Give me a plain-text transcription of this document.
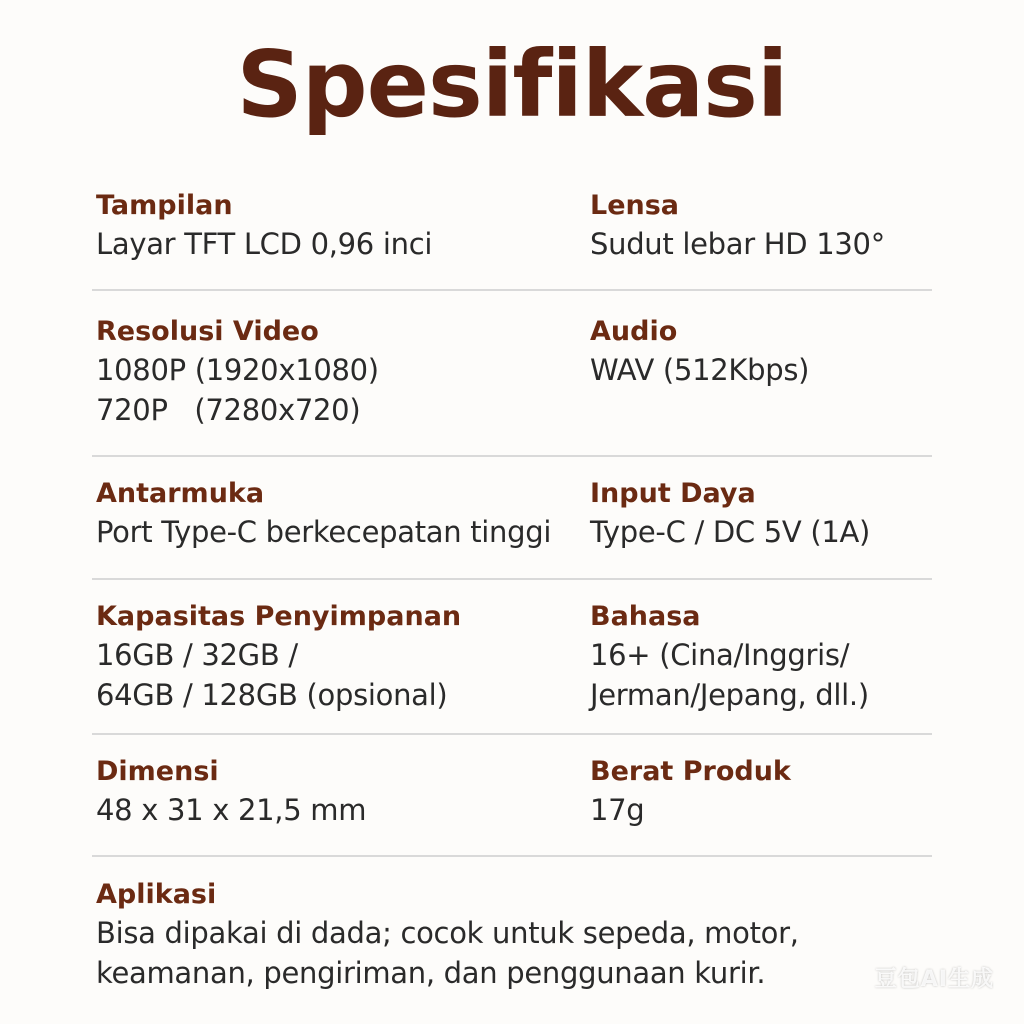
Spesifikasi
Tampilan
Layar TFT LCD 0,96 inci
Lensa
Sudut lebar HD 130°
Resolusi Video
1080P (1920x1080)
720P   (7280x720)
Audio
WAV (512Kbps)
Antarmuka
Port Type-C berkecepatan tinggi
Input Daya
Type-C / DC 5V (1A)
Kapasitas Penyimpanan
16GB / 32GB /
64GB / 128GB (opsional)
Bahasa
16+ (Cina/Inggris/
Jerman/Jepang, dll.)
Dimensi
48 x 31 x 21,5 mm
Berat Produk
17g
Aplikasi
Bisa dipakai di dada; cocok untuk sepeda, motor,
keamanan, pengiriman, dan penggunaan kurir.	豆包AI生成
